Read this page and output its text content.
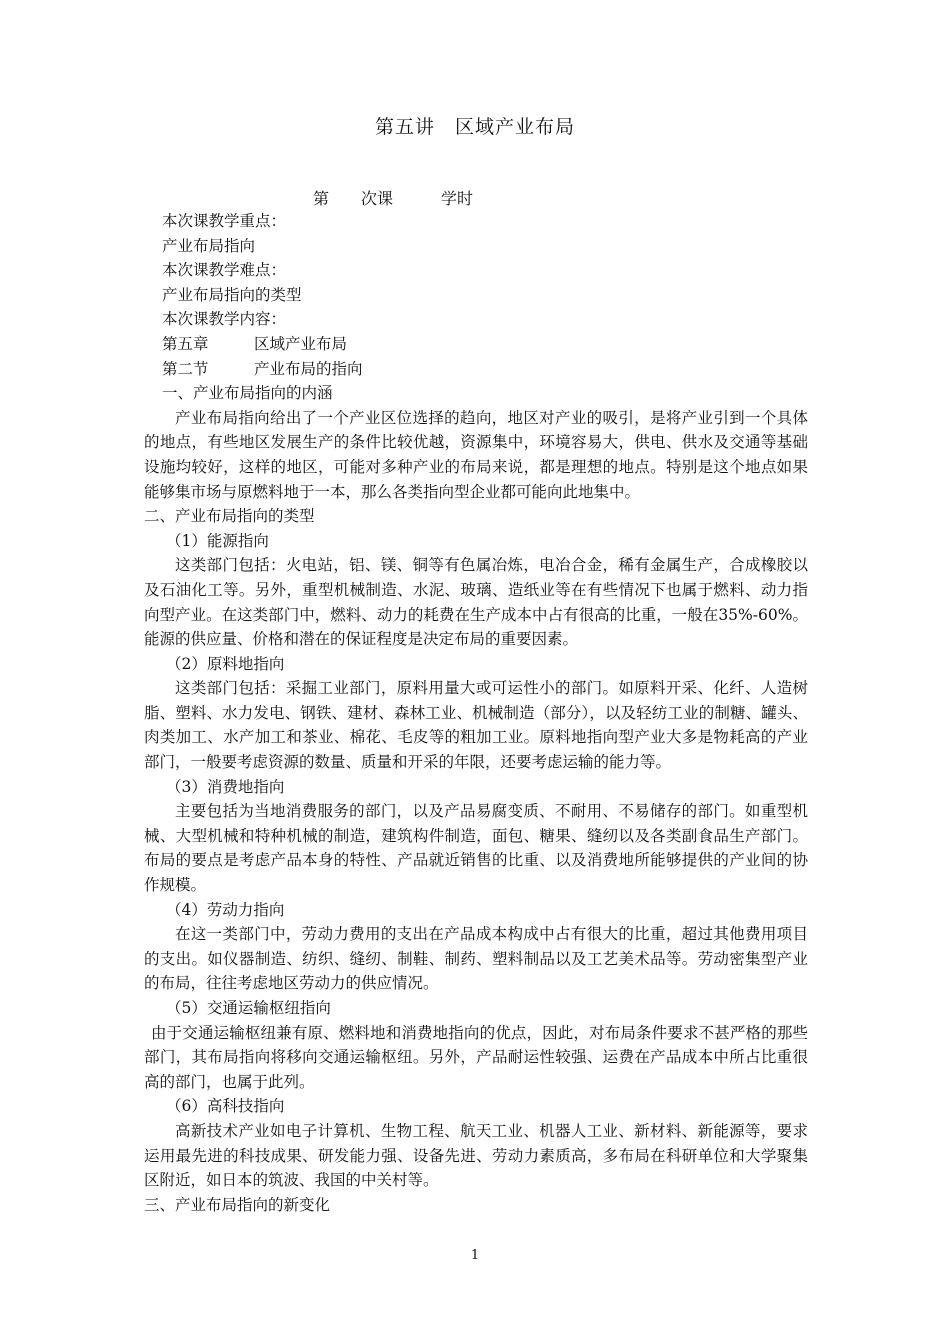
第五讲　区域产业布局
第　　次课　　　学时

本次课教学重点：

产业布局指向

本次课教学难点：

产业布局指向的类型

本次课教学内容：

第五章	区域产业布局

第二节	产业布局的指向

一、产业布局指向的内涵

产业布局指向给出了一个产业区位选择的趋向，地区对产业的吸引，是将产业引到一个具体的地点，有些地区发展生产的条件比较优越，资源集中，环境容易大，供电、供水及交通等基础设施均较好，这样的地区，可能对多种产业的布局来说，都是理想的地点。特别是这个地点如果能够集市场与原燃料地于一本，那么各类指向型企业都可能向此地集中。

二、产业布局指向的类型

（1）能源指向

这类部门包括：火电站，铝、镁、铜等有色属冶炼，电冶合金，稀有金属生产，合成橡胶以及石油化工等。另外，重型机械制造、水泥、玻璃、造纸业等在有些情况下也属于燃料、动力指向型产业。在这类部门中，燃料、动力的耗费在生产成本中占有很高的比重，一般在35%-60%。能源的供应量、价格和潜在的保证程度是决定布局的重要因素。

（2）原料地指向

这类部门包括：采掘工业部门，原料用量大或可运性小的部门。如原料开采、化纤、人造树脂、塑料、水力发电、钢铁、建材、森林工业、机械制造（部分），以及轻纺工业的制糖、罐头、肉类加工、水产加工和茶业、棉花、毛皮等的粗加工业。原料地指向型产业大多是物耗高的产业部门，一般要考虑资源的数量、质量和开采的年限，还要考虑运输的能力等。

（3）消费地指向

主要包括为当地消费服务的部门，以及产品易腐变质、不耐用、不易储存的部门。如重型机械、大型机械和特种机械的制造，建筑构件制造，面包、糖果、缝纫以及各类副食品生产部门。布局的要点是考虑产品本身的特性、产品就近销售的比重、以及消费地所能够提供的产业间的协作规模。

（4）劳动力指向

在这一类部门中，劳动力费用的支出在产品成本构成中占有很大的比重，超过其他费用项目的支出。如仪器制造、纺织、缝纫、制鞋、制药、塑料制品以及工艺美术品等。劳动密集型产业的布局，往往考虑地区劳动力的供应情况。

（5）交通运输枢纽指向

由于交通运输枢纽兼有原、燃料地和消费地指向的优点，因此，对布局条件要求不甚严格的那些部门，其布局指向将移向交通运输枢纽。另外，产品耐运性较强、运费在产品成本中所占比重很高的部门，也属于此列。

（6）高科技指向

高新技术产业如电子计算机、生物工程、航天工业、机器人工业、新材料、新能源等，要求运用最先进的科技成果、研发能力强、设备先进、劳动力素质高，多布局在科研单位和大学聚集区附近，如日本的筑波、我国的中关村等。

三、产业布局指向的新变化

1
